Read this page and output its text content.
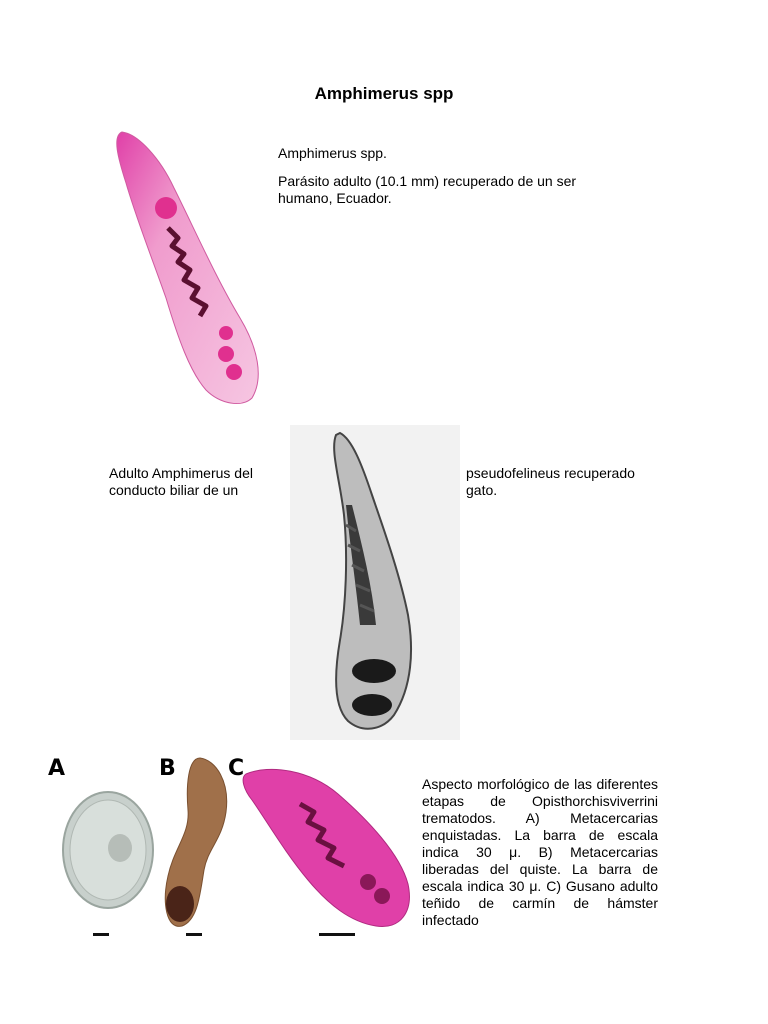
Amphimerus spp
Amphimerus spp.
Parásito adulto (10.1 mm) recuperado de un ser humano, Ecuador.
Adulto Amphimerus del conducto biliar de un
pseudofelineus recuperado gato.
A	B C
Aspecto morfológico de las diferentes etapas de Opisthorchisviverrini trematodos. A) Metacercarias enquistadas. La barra de escala indica 30 μ. B) Metacercarias liberadas del quiste. La barra de escala indica 30 μ. C) Gusano adulto teñido de carmín de hámster infectado
